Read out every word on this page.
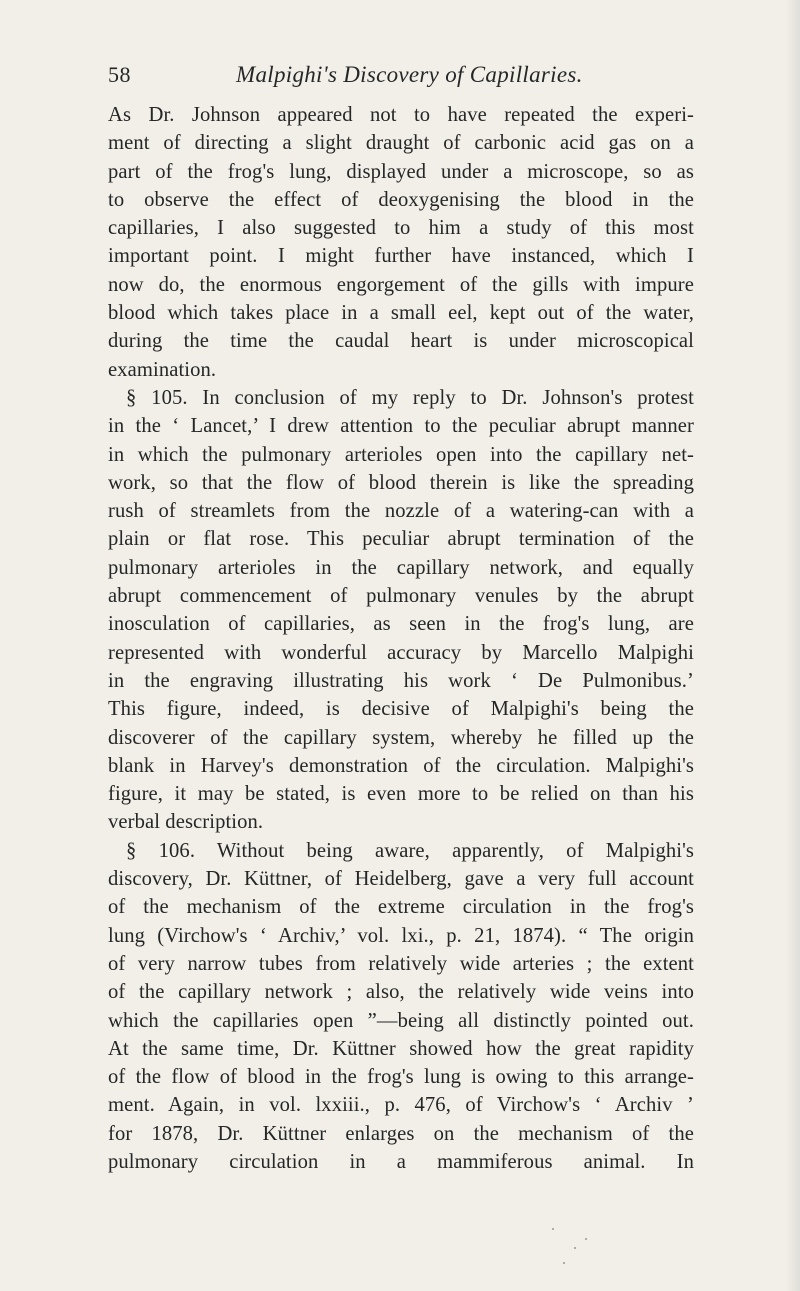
58	Malpighi's Discovery of Capillaries.
As Dr. Johnson appeared not to have repeated the experi-
ment of directing a slight draught of carbonic acid gas on a
part of the frog's lung, displayed under a microscope, so as
to observe the effect of deoxygenising the blood in the
capillaries, I also suggested to him a study of this most
important point. I might further have instanced, which I
now do, the enormous engorgement of the gills with impure
blood which takes place in a small eel, kept out of the water,
during the time the caudal heart is under microscopical
examination.
§ 105. In conclusion of my reply to Dr. Johnson's protest
in the ‘ Lancet,’ I drew attention to the peculiar abrupt manner
in which the pulmonary arterioles open into the capillary net-
work, so that the flow of blood therein is like the spreading
rush of streamlets from the nozzle of a watering-can with a
plain or flat rose. This peculiar abrupt termination of the
pulmonary arterioles in the capillary network, and equally
abrupt commencement of pulmonary venules by the abrupt
inosculation of capillaries, as seen in the frog's lung, are
represented with wonderful accuracy by Marcello Malpighi
in the engraving illustrating his work ‘ De Pulmonibus.’
This figure, indeed, is decisive of Malpighi's being the
discoverer of the capillary system, whereby he filled up the
blank in Harvey's demonstration of the circulation. Malpighi's
figure, it may be stated, is even more to be relied on than his
verbal description.
§ 106. Without being aware, apparently, of Malpighi's
discovery, Dr. Küttner, of Heidelberg, gave a very full account
of the mechanism of the extreme circulation in the frog's
lung (Virchow's ‘ Archiv,’ vol. lxi., p. 21, 1874). “ The origin
of very narrow tubes from relatively wide arteries ; the extent
of the capillary network ; also, the relatively wide veins into
which the capillaries open ”—being all distinctly pointed out.
At the same time, Dr. Küttner showed how the great rapidity
of the flow of blood in the frog's lung is owing to this arrange-
ment. Again, in vol. lxxiii., p. 476, of Virchow's ‘ Archiv ’
for 1878, Dr. Küttner enlarges on the mechanism of the
pulmonary circulation in a mammiferous animal. In
